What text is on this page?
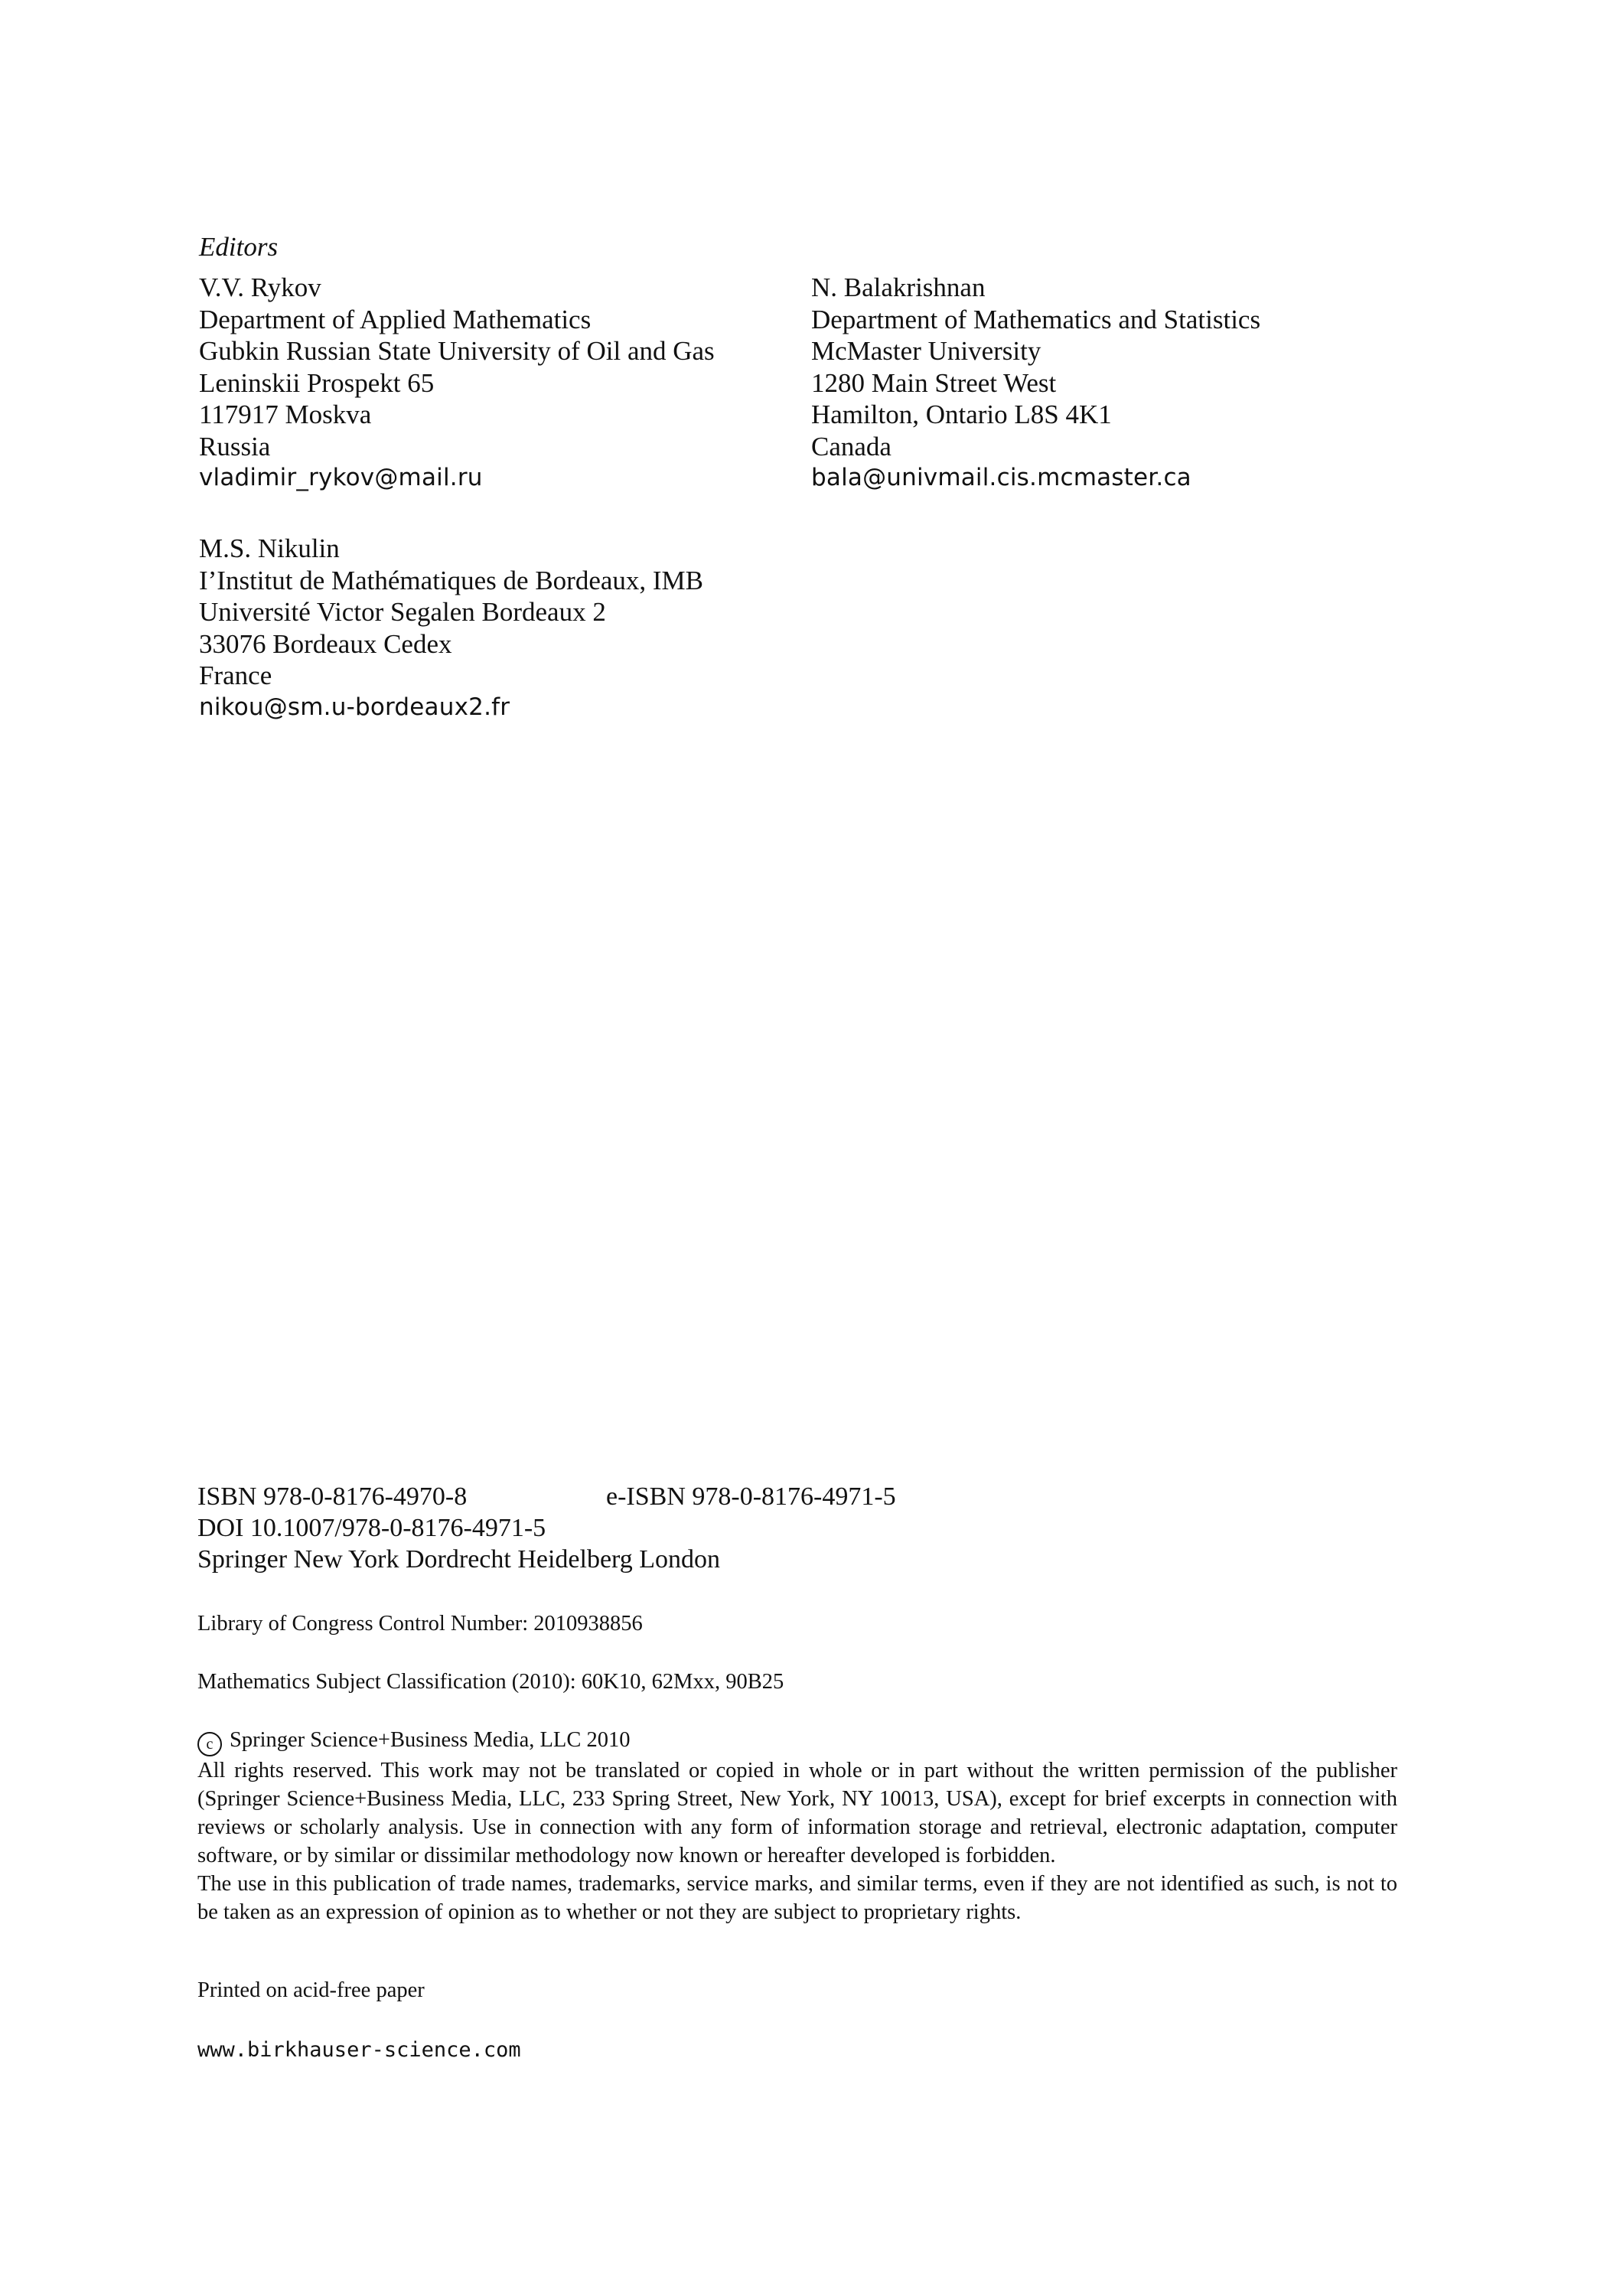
Editors
V.V. Rykov
Department of Applied Mathematics
Gubkin Russian State University of Oil and Gas
Leninskii Prospekt 65
117917 Moskva
Russia
vladimir_rykov@mail.ru
N. Balakrishnan
Department of Mathematics and Statistics
McMaster University
1280 Main Street West
Hamilton, Ontario L8S 4K1
Canada
bala@univmail.cis.mcmaster.ca
M.S. Nikulin
I’Institut de Mathématiques de Bordeaux, IMB
Université Victor Segalen Bordeaux 2
33076 Bordeaux Cedex
France
nikou@sm.u-bordeaux2.fr
ISBN 978-0-8176-4970-8	e-ISBN 978-0-8176-4971-5
DOI 10.1007/978-0-8176-4971-5
Springer New York Dordrecht Heidelberg London
Library of Congress Control Number: 2010938856
Mathematics Subject Classification (2010): 60K10, 62Mxx, 90B25

c Springer Science+Business Media, LLC 2010

All rights reserved. This work may not be translated or copied in whole or in part without the written permission of the publisher (Springer Science+Business Media, LLC, 233 Spring Street, New York, NY 10013, USA), except for brief excerpts in connection with reviews or scholarly analysis. Use in connection with any form of information storage and retrieval, electronic adaptation, computer software, or by similar or dissimilar methodology now known or hereafter developed is forbidden.

The use in this publication of trade names, trademarks, service marks, and similar terms, even if they are not identified as such, is not to be taken as an expression of opinion as to whether or not they are subject to proprietary rights.

Printed on acid-free paper
www.birkhauser-science.com
